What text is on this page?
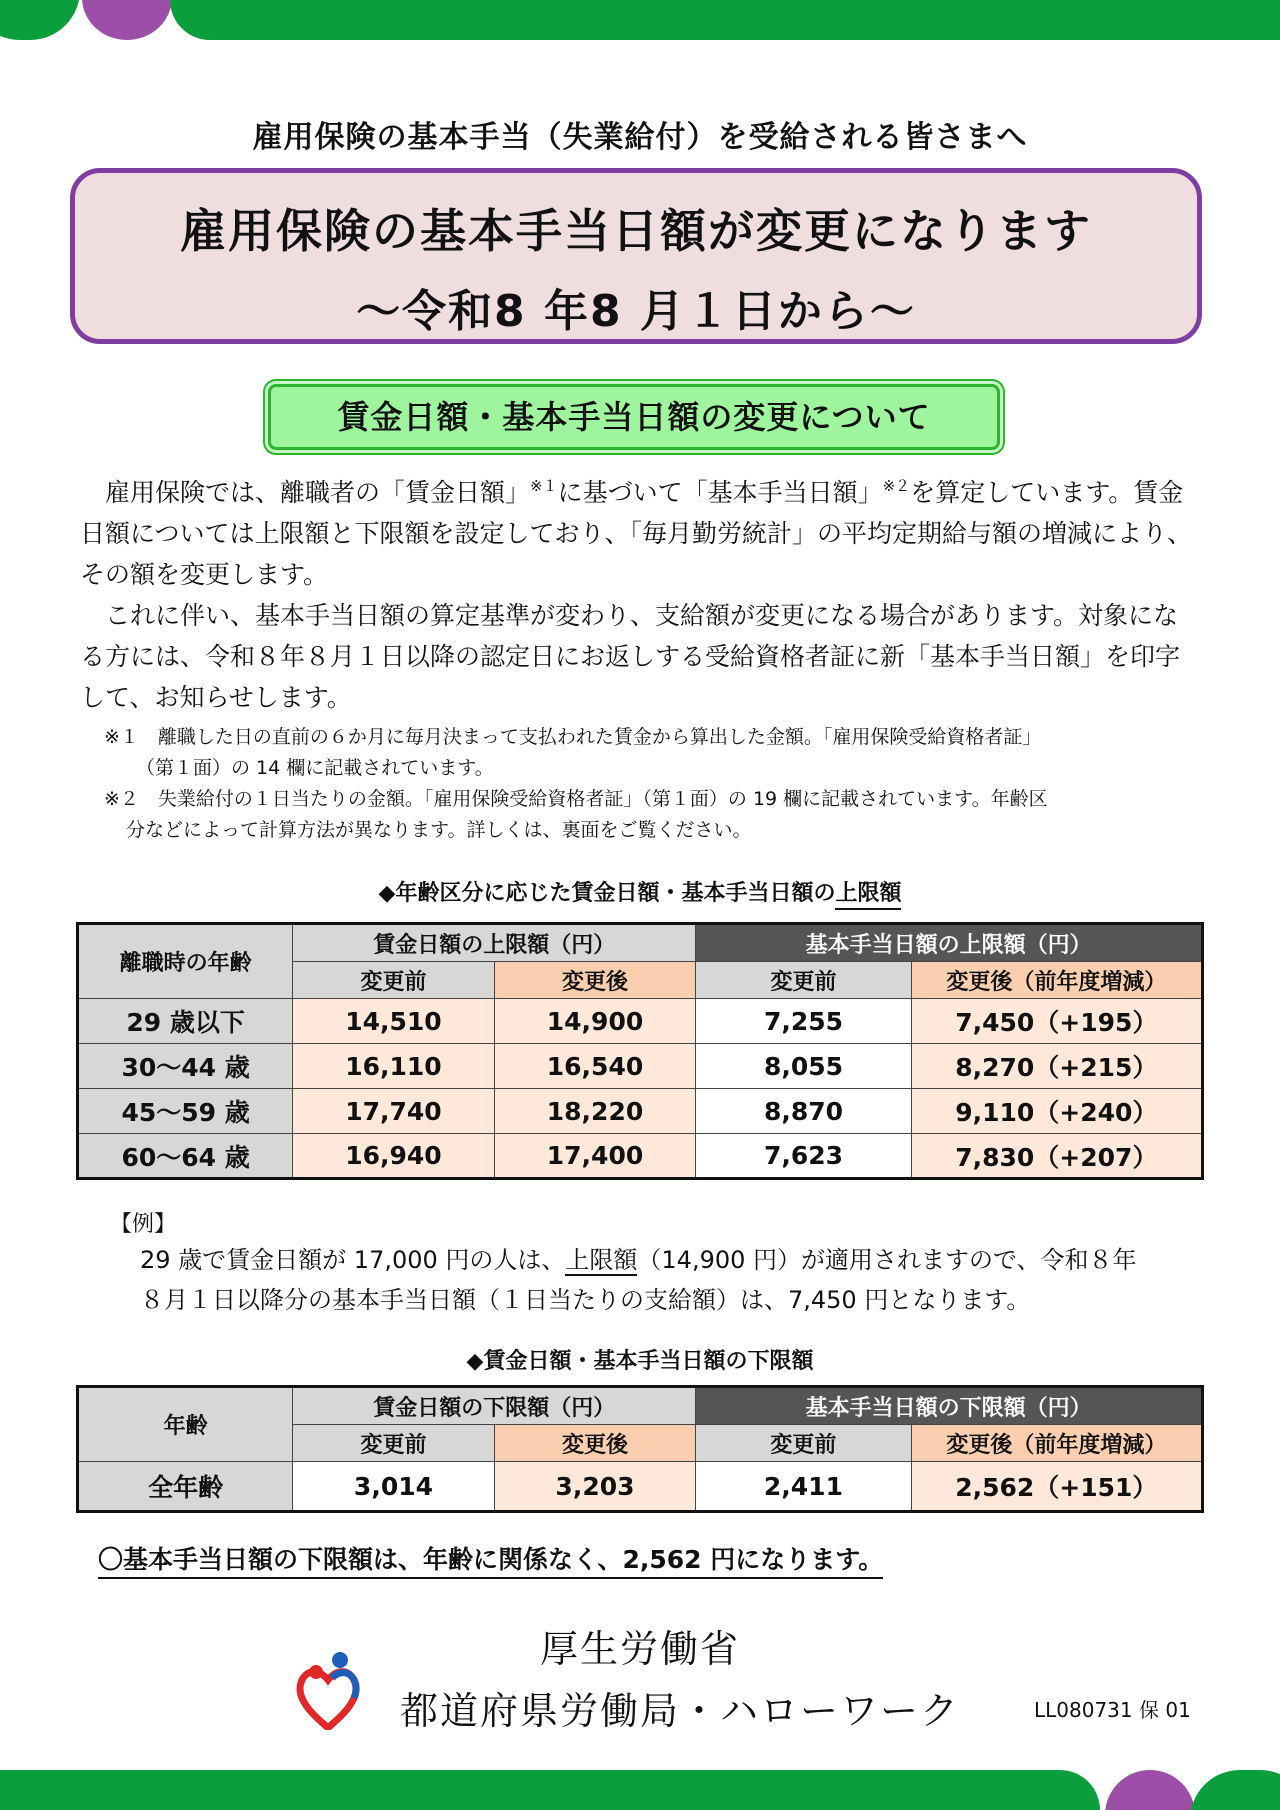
雇用保険の基本手当（失業給付）を受給される皆さまへ
雇用保険の基本手当日額が変更になります
～令和8 年8 月１日から～
賃金日額・基本手当日額の変更について

　雇用保険では、離職者の「賃金日額」$^{※1}$に基づいて「基本手当日額」$^{※2}$を算定しています。賃金日額については上限額と下限額を設定しており、「毎月勤労統計」の平均定期給与額の増減により、その額を変更します。

　これに伴い、基本手当日額の算定基準が変わり、支給額が変更になる場合があります。対象になる方には、令和８年８月１日以降の認定日にお返しする受給資格者証に新「基本手当日額」を印字して、お知らせします。

※１　離職した日の直前の６か月に毎月決まって支払われた賃金から算出した金額。「雇用保険受給資格者証」
（第１面）の 14 欄に記載されています。
※２　失業給付の１日当たりの金額。「雇用保険受給資格者証」（第１面）の 19 欄に記載されています。年齢区
分などによって計算方法が異なります。詳しくは、裏面をご覧ください。
◆年齢区分に応じた賃金日額・基本手当日額の上限額
離職時の年齢	賃金日額の上限額（円）		基本手当日額の上限額（円）	
	変更前	変更後	変更前	変更後（前年度増減）
29 歳以下	14,510	14,900	7,255	7,450（+195）
30～44 歳	16,110	16,540	8,055	8,270（+215）
45～59 歳	17,740	18,220	8,870	9,110（+240）
60～64 歳	16,940	17,400	7,623	7,830（+207）
【例】
29 歳で賃金日額が 17,000 円の人は、上限額（14,900 円）が適用されますので、令和８年
８月１日以降分の基本手当日額（１日当たりの支給額）は、7,450 円となります。
◆賃金日額・基本手当日額の下限額
年齢	賃金日額の下限額（円）		基本手当日額の下限額（円）	
	変更前	変更後	変更前	変更後（前年度増減）
全年齢	3,014	3,203	2,411	2,562（+151）
〇基本手当日額の下限額は、年齢に関係なく、2,562 円になります。
厚生労働省
都道府県労働局・ハローワーク	LL080731 保 01
